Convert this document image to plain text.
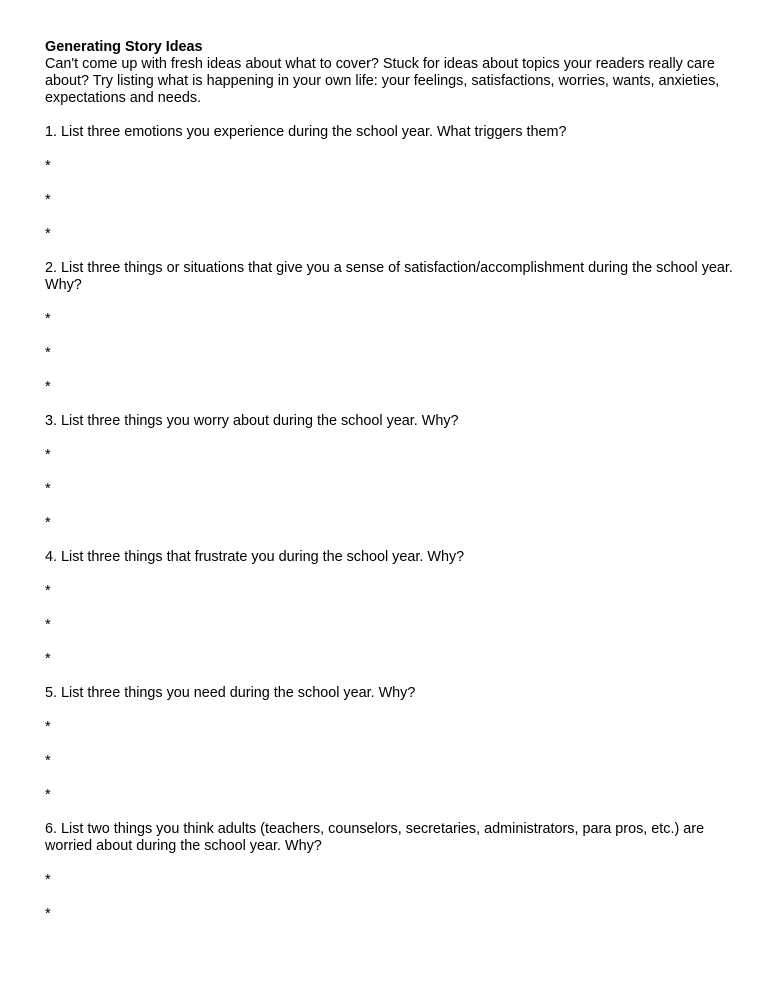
Generating Story Ideas

Can't come up with fresh ideas about what to cover? Stuck for ideas about topics your readers really care about? Try listing what is happening in your own life: your feelings, satisfactions, worries, wants, anxieties, expectations and needs.

1. List three emotions you experience during the school year. What triggers them?

*

*

*

2. List three things or situations that give you a sense of satisfaction/accomplishment during the school year. Why?

*

*

*

3. List three things you worry about during the school year. Why?

*

*

*

4. List three things that frustrate you during the school year. Why?

*

*

*

5. List three things you need during the school year. Why?

*

*

*

6. List two things you think adults (teachers, counselors, secretaries, administrators, para pros, etc.) are worried about during the school year. Why?

*

*
